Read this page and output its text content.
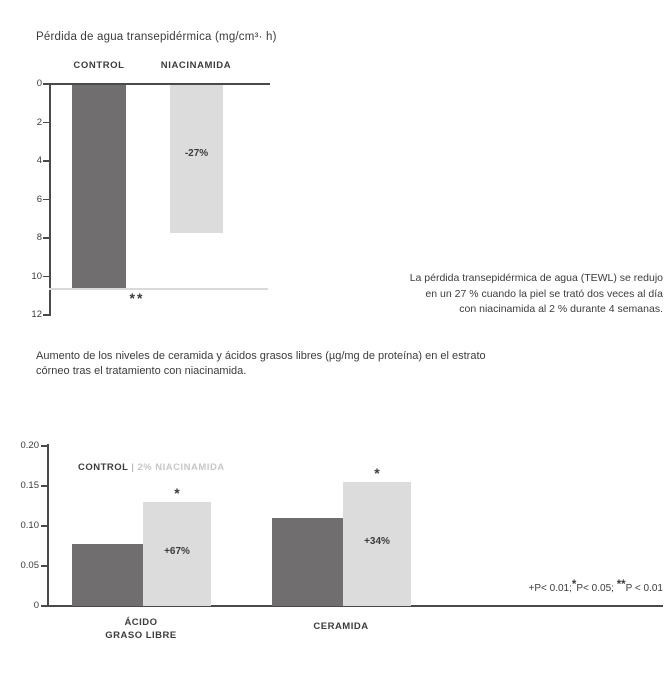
Pérdida de agua transepidérmica (mg/cm³· h)
CONTROL	NIACINAMIDA
0
2
4
6
8
10
12
-27%
**
La pérdida transepidérmica de agua (TEWL) se redujo
en un 27 % cuando la piel se trató dos veces al día
con niacinamida al 2 % durante 4 semanas.
Aumento de los niveles de ceramida y ácidos grasos libres (µg/mg de proteína) en el estrato
córneo tras el tratamiento con niacinamida.
0.20
0.15
0.10
0.05
0
CONTROL | 2% NIACINAMIDA
*
*
+67%
+34%
ÁCIDO
GRASO LIBRE
CERAMIDA
+P< 0.01;*P< 0.05; **P < 0.01
